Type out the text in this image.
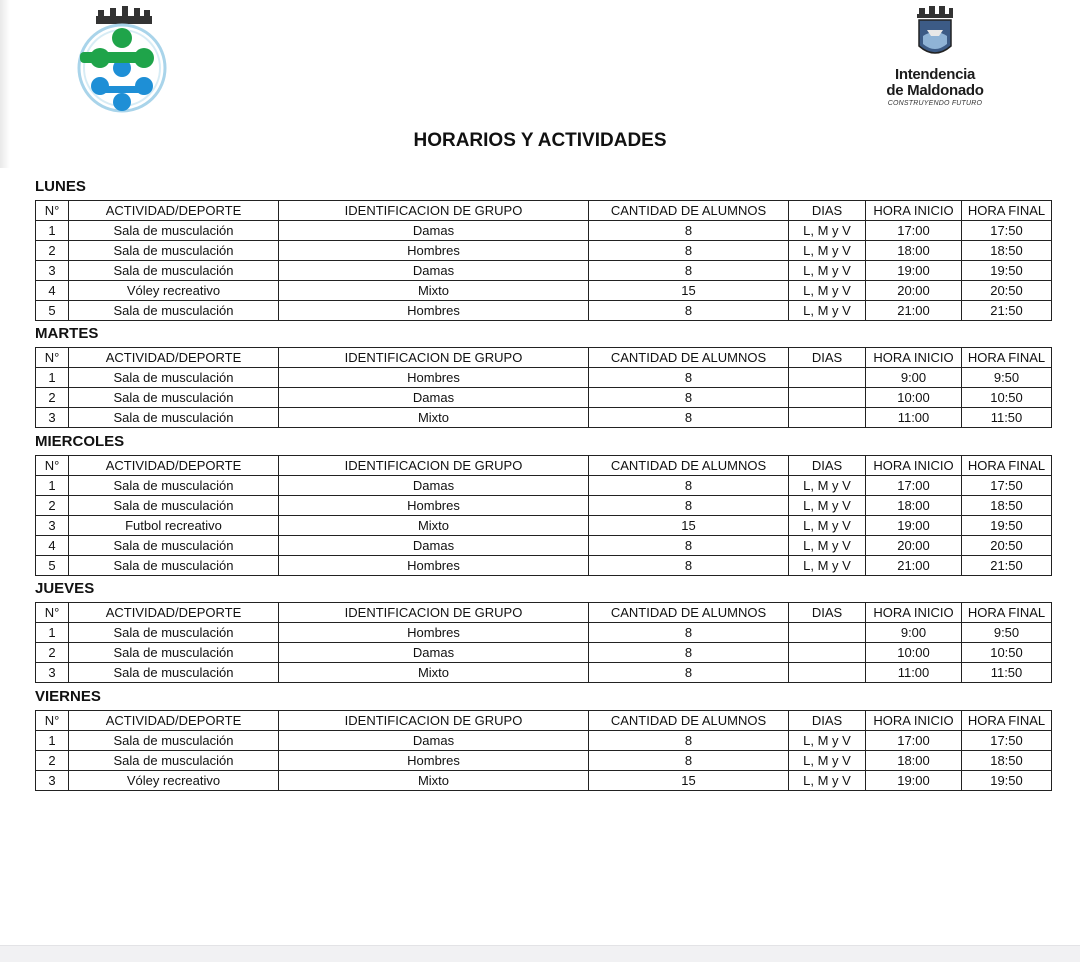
Intendencia
de Maldonado
CONSTRUYENDO FUTURO
HORARIOS Y ACTIVIDADES
LUNES
N°	ACTIVIDAD/DEPORTE	IDENTIFICACION DE GRUPO	CANTIDAD DE ALUMNOS	DIAS	HORA INICIO	HORA FINAL
1	Sala de musculación	Damas	8	L, M y V	17:00	17:50
2	Sala de musculación	Hombres	8	L, M y V	18:00	18:50
3	Sala de musculación	Damas	8	L, M y V	19:00	19:50
4	Vóley recreativo	Mixto	15	L, M y V	20:00	20:50
5	Sala de musculación	Hombres	8	L, M y V	21:00	21:50
MARTES
N°	ACTIVIDAD/DEPORTE	IDENTIFICACION DE GRUPO	CANTIDAD DE ALUMNOS	DIAS	HORA INICIO	HORA FINAL
1	Sala de musculación	Hombres	8		9:00	9:50
2	Sala de musculación	Damas	8		10:00	10:50
3	Sala de musculación	Mixto	8		11:00	11:50
MIERCOLES
N°	ACTIVIDAD/DEPORTE	IDENTIFICACION DE GRUPO	CANTIDAD DE ALUMNOS	DIAS	HORA INICIO	HORA FINAL
1	Sala de musculación	Damas	8	L, M y V	17:00	17:50
2	Sala de musculación	Hombres	8	L, M y V	18:00	18:50
3	Futbol recreativo	Mixto	15	L, M y V	19:00	19:50
4	Sala de musculación	Damas	8	L, M y V	20:00	20:50
5	Sala de musculación	Hombres	8	L, M y V	21:00	21:50
JUEVES
N°	ACTIVIDAD/DEPORTE	IDENTIFICACION DE GRUPO	CANTIDAD DE ALUMNOS	DIAS	HORA INICIO	HORA FINAL
1	Sala de musculación	Hombres	8		9:00	9:50
2	Sala de musculación	Damas	8		10:00	10:50
3	Sala de musculación	Mixto	8		11:00	11:50
VIERNES
N°	ACTIVIDAD/DEPORTE	IDENTIFICACION DE GRUPO	CANTIDAD DE ALUMNOS	DIAS	HORA INICIO	HORA FINAL
1	Sala de musculación	Damas	8	L, M y V	17:00	17:50
2	Sala de musculación	Hombres	8	L, M y V	18:00	18:50
3	Vóley recreativo	Mixto	15	L, M y V	19:00	19:50
